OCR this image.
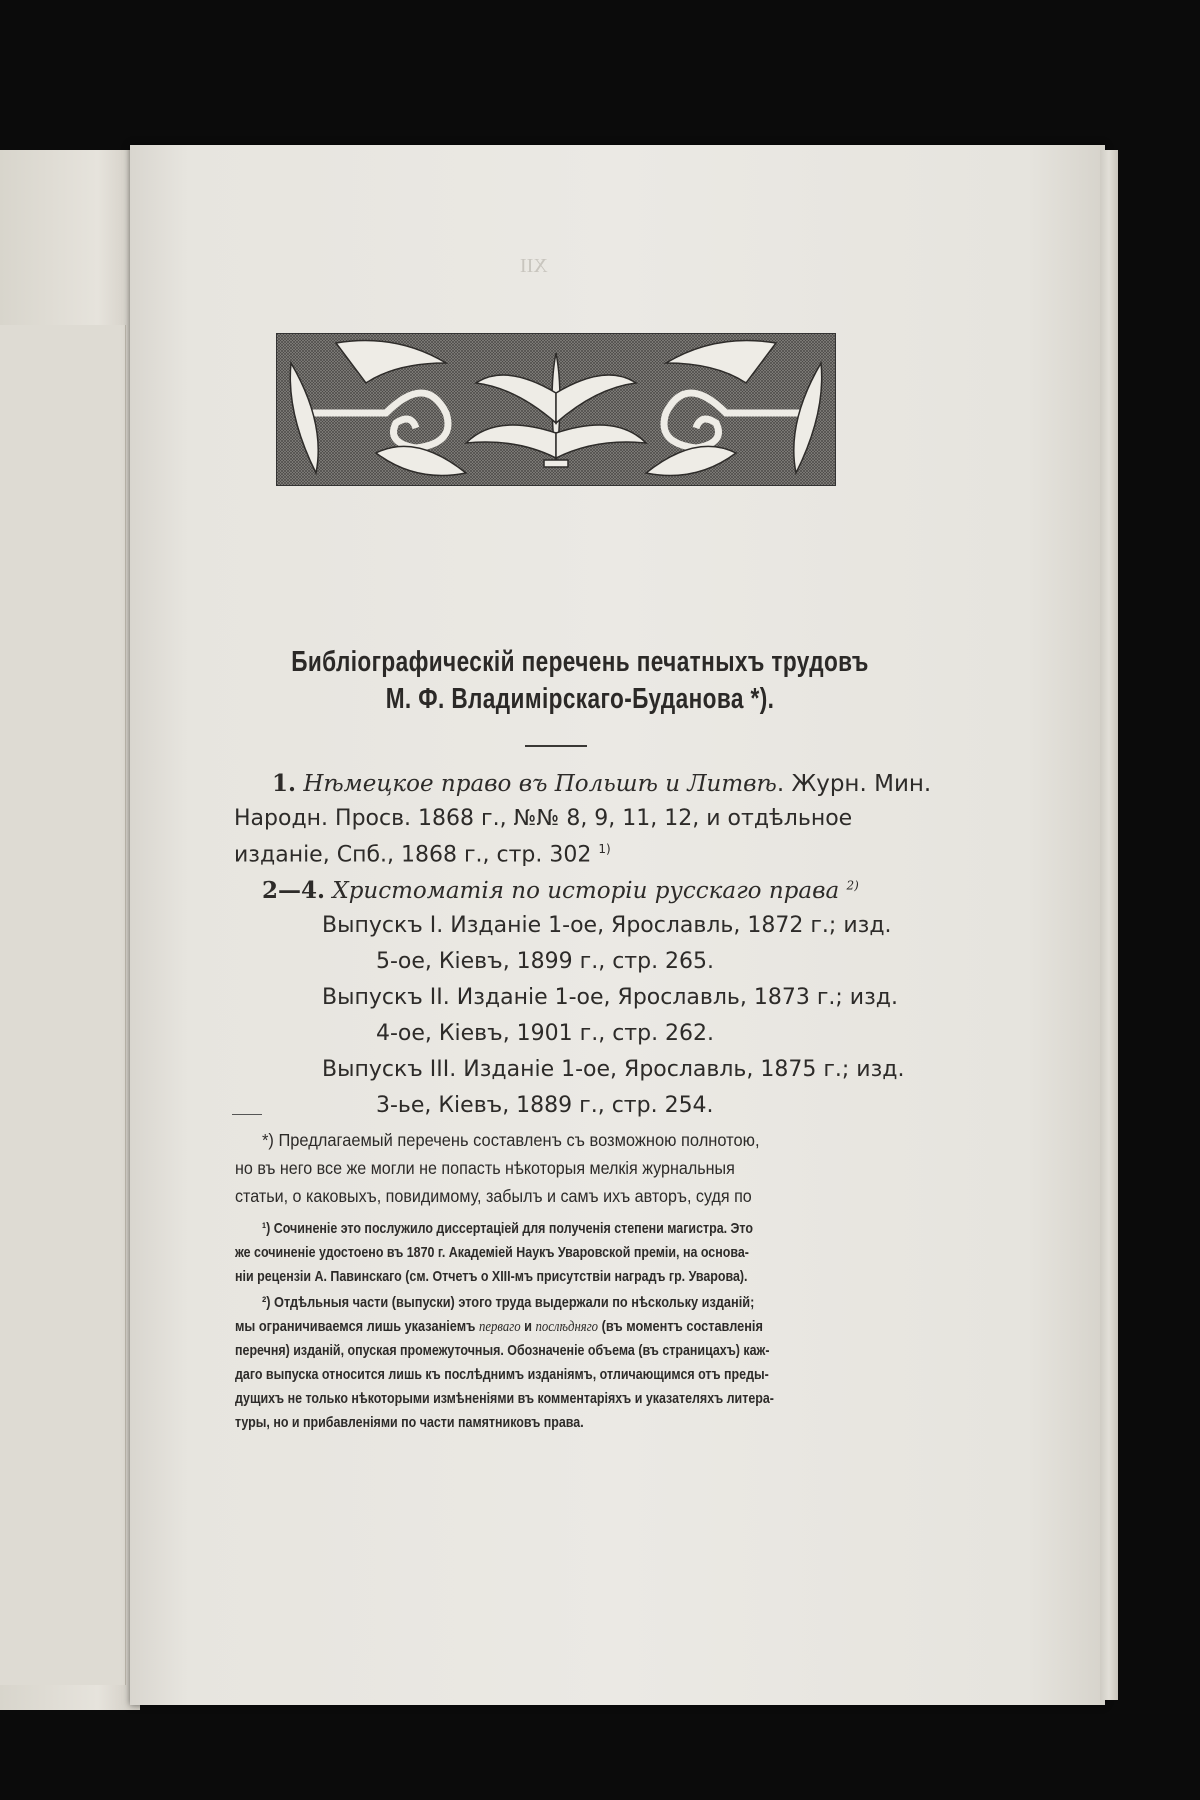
XII
Библіографическій перечень печатныхъ трудовъ
М. Ф. Владимірскаго-Буданова *).
1. Нѣмецкое право въ Польшѣ и Литвѣ. Журн. Мин.
Народн. Просв. 1868 г., №№ 8, 9, 11, 12, и отдѣльное
изданіе, Спб., 1868 г., стр. 302 $^{1)}$
2—4. Христоматія по исторіи русскаго права $^{2)}$
Выпускъ I. Изданіе 1-ое, Ярославль, 1872 г.; изд.
5-ое, Кіевъ, 1899 г., стр. 265.
Выпускъ II. Изданіе 1-ое, Ярославль, 1873 г.; изд.
4-ое, Кіевъ, 1901 г., стр. 262.
Выпускъ III. Изданіе 1-ое, Ярославль, 1875 г.; изд.
3-ье, Кіевъ, 1889 г., стр. 254.
*) Предлагаемый перечень составленъ съ возможною полнотою,
но въ него все же могли не попасть нѣкоторыя мелкія журнальныя
статьи, о каковыхъ, повидимому, забылъ и самъ ихъ авторъ, судя по
¹) Сочиненіе это послужило диссертаціей для полученія степени магистра. Это
же сочиненіе удостоено въ 1870 г. Академіей Наукъ Уваровской преміи, на основа-
ніи рецензіи А. Павинскаго (см. Отчетъ о XIII-мъ присутствіи наградъ гр. Уварова).
²) Отдѣльныя части (выпуски) этого труда выдержали по нѣскольку изданій;
мы ограничиваемся лишь указаніемъ перваго и послѣдняго (въ моментъ составленія
перечня) изданій, опуская промежуточныя. Обозначеніе объема (въ страницахъ) каж-
даго выпуска относится лишь къ послѣднимъ изданіямъ, отличающимся отъ преды-
дущихъ не только нѣкоторыми измѣненіями въ комментаріяхъ и указателяхъ литера-
туры, но и прибавленіями по части памятниковъ права.
